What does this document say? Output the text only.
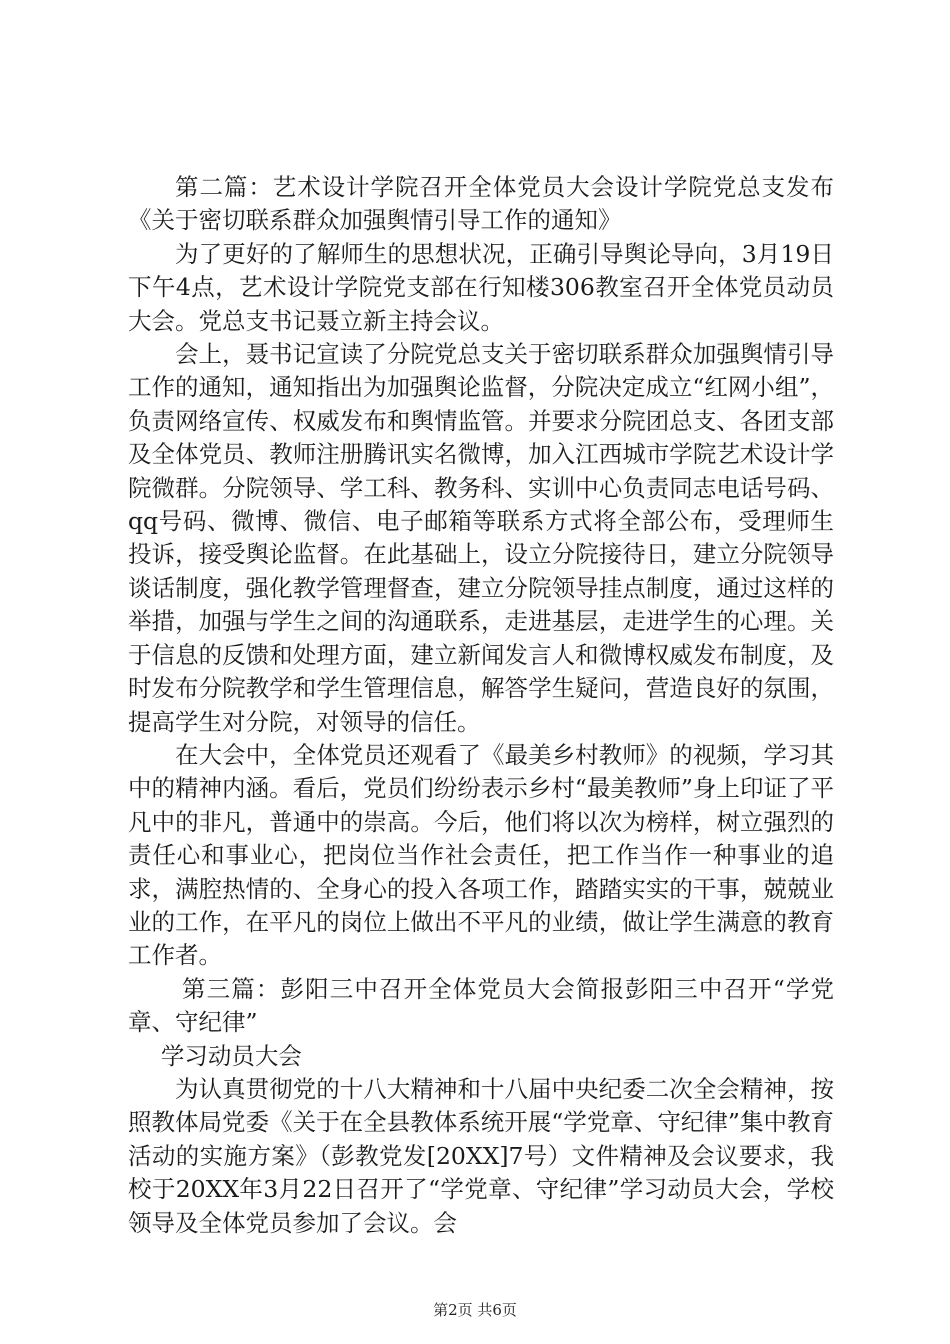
第二篇：艺术设计学院召开全体党员大会设计学院党总支发布《关于密切联系群众加强舆情引导工作的通知》

为了更好的了解师生的思想状况，正确引导舆论导向，3月19日下午4点，艺术设计学院党支部在行知楼306教室召开全体党员动员大会。党总支书记聂立新主持会议。

会上，聂书记宣读了分院党总支关于密切联系群众加强舆情引导工作的通知，通知指出为加强舆论监督，分院决定成立“红网小组”，负责网络宣传、权威发布和舆情监管。并要求分院团总支、各团支部及全体党员、教师注册腾讯实名微博，加入江西城市学院艺术设计学院微群。分院领导、学工科、教务科、实训中心负责同志电话号码、qq号码、微博、微信、电子邮箱等联系方式将全部公布，受理师生投诉，接受舆论监督。在此基础上，设立分院接待日，建立分院领导谈话制度，强化教学管理督查，建立分院领导挂点制度，通过这样的举措，加强与学生之间的沟通联系，走进基层，走进学生的心理。关于信息的反馈和处理方面，建立新闻发言人和微博权威发布制度，及时发布分院教学和学生管理信息，解答学生疑问，营造良好的氛围，提高学生对分院，对领导的信任。

在大会中，全体党员还观看了《最美乡村教师》的视频，学习其中的精神内涵。看后，党员们纷纷表示乡村“最美教师”身上印证了平凡中的非凡，普通中的崇高。今后，他们将以次为榜样，树立强烈的责任心和事业心，把岗位当作社会责任，把工作当作一种事业的追求，满腔热情的、全身心的投入各项工作，踏踏实实的干事，兢兢业业的工作，在平凡的岗位上做出不平凡的业绩，做让学生满意的教育工作者。

第三篇：彭阳三中召开全体党员大会简报彭阳三中召开“学党章、守纪律”

学习动员大会

为认真贯彻党的十八大精神和十八届中央纪委二次全会精神，按照教体局党委《关于在全县教体系统开展“学党章、守纪律”集中教育活动的实施方案》（彭教党发[20XX]7号）文件精神及会议要求，我校于20XX年3月22日召开了“学党章、守纪律”学习动员大会，学校领导及全体党员参加了会议。会

第2页 共6页
